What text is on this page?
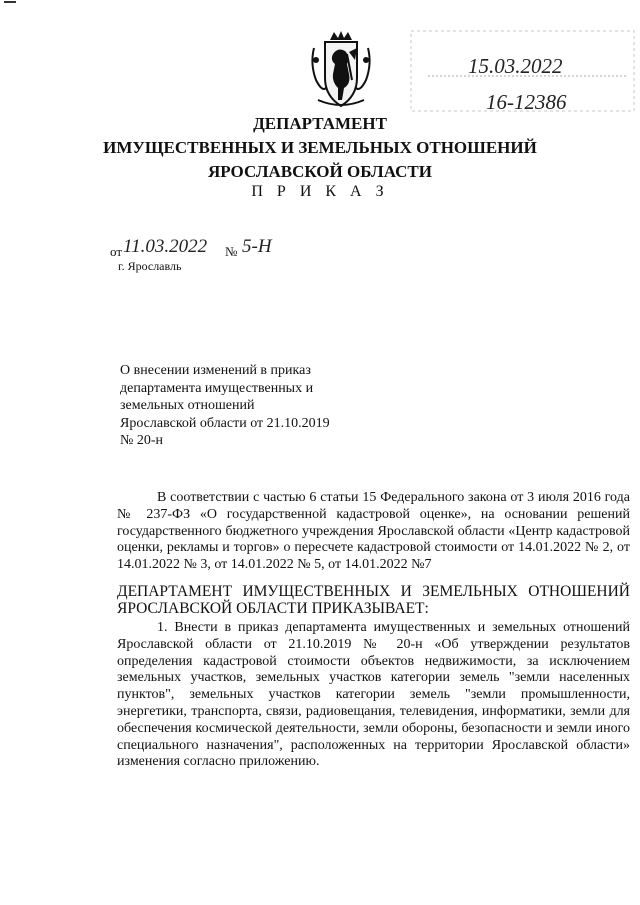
15.03.2022
16-12386
ДЕПАРТАМЕНТ
ИМУЩЕСТВЕННЫХ И ЗЕМЕЛЬНЫХ ОТНОШЕНИЙ
ЯРОСЛАВСКОЙ ОБЛАСТИ
П Р И К А З
от 11.03.2022 № 5-Н
г. Ярославль
О внесении изменений в приказ
департамента имущественных и
земельных отношений
Ярославской области от 21.10.2019
№ 20-н
В соответствии с частью 6 статьи 15 Федерального закона от 3 июля 2016 года № 237-ФЗ «О государственной кадастровой оценке», на основании решений государственного бюджетного учреждения Ярославской области «Центр кадастровой оценки, рекламы и торгов» о пересчете кадастровой стоимости от 14.01.2022 № 2, от 14.01.2022 № 3, от 14.01.2022 № 5, от 14.01.2022 №7
ДЕПАРТАМЕНТ ИМУЩЕСТВЕННЫХ И ЗЕМЕЛЬНЫХ ОТНОШЕНИЙ ЯРОСЛАВСКОЙ ОБЛАСТИ ПРИКАЗЫВАЕТ:
1. Внести в приказ департамента имущественных и земельных отношений Ярославской области от 21.10.2019 № 20-н «Об утверждении результатов определения кадастровой стоимости объектов недвижимости, за исключением земельных участков, земельных участков категории земель "земли населенных пунктов", земельных участков категории земель "земли промышленности, энергетики, транспорта, связи, радиовещания, телевидения, информатики, земли для обеспечения космической деятельности, земли обороны, безопасности и земли иного специального назначения", расположенных на территории Ярославской области» изменения согласно приложению.
